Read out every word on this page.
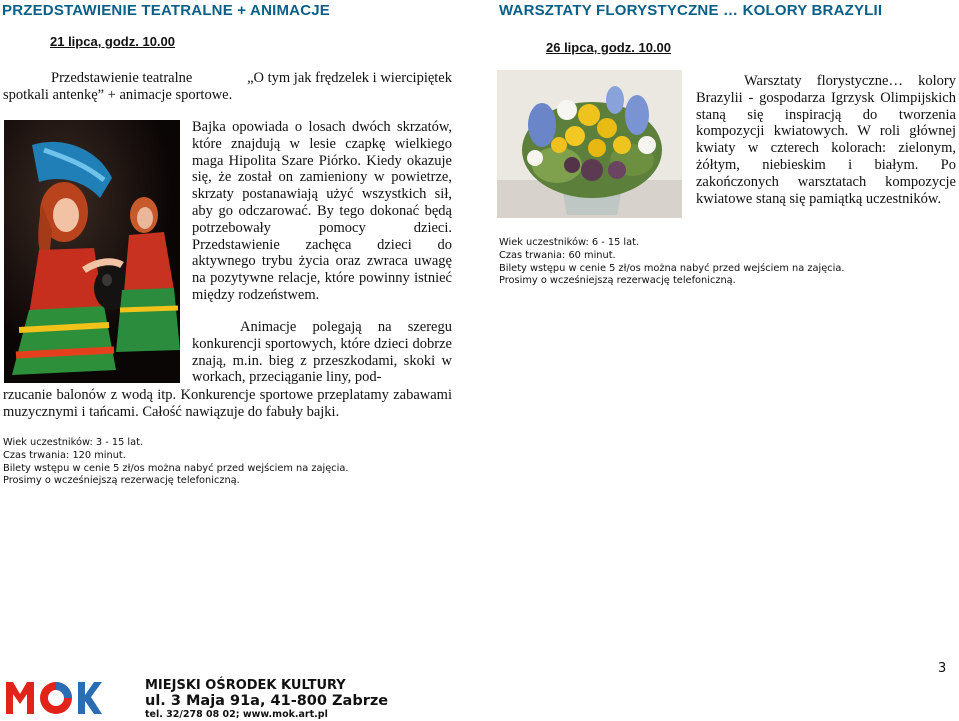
PRZEDSTAWIENIE TEATRALNE + ANIMACJE
21 lipca, godz. 10.00
Przedstawienie teatralne	„O tym jak frędzelek i wiercipiętek
spotkali antenkę” + animacje sportowe.
Bajka opowiada o losach dwóch skrzatów, które znajdują w lesie czapkę wielkiego maga Hipolita Szare Piórko. Kiedy okazuje się, że został on zamieniony w powietrze, skrzaty postanawiają użyć wszystkich sił, aby go odczarować. By tego dokonać będą potrzebowały pomocy dzieci. Przedstawienie zachęca dzieci do aktywnego trybu życia oraz zwraca uwagę na pozytywne relacje, które powinny istnieć między rodzeństwem.
Animacje polegają na szeregu konkurencji sportowych, które dzieci dobrze znają, m.in. bieg z przeszkodami, skoki w workach, przeciąganie liny, pod-
rzucanie balonów z wodą itp. Konkurencje sportowe przeplatamy zabawami muzycznymi i tańcami. Całość nawiązuje do fabuły bajki.
Wiek uczestników: 3 - 15 lat.
Czas trwania: 120 minut.
Bilety wstępu w cenie 5 zł/os można nabyć przed wejściem na zajęcia.
Prosimy o wcześniejszą rezerwację telefoniczną.
WARSZTATY FLORYSTYCZNE … KOLORY BRAZYLII
26 lipca, godz. 10.00
Warsztaty florystyczne… kolory Brazylii - gospodarza Igrzysk Olimpijskich staną się inspiracją do tworzenia kompozycji kwiatowych. W roli głównej kwiaty w czterech kolorach: zielonym, żółtym, niebieskim i białym. Po zakończonych warsztatach kompozycje kwiatowe staną się pamiątką uczestników.
Wiek uczestników: 6 - 15 lat.
Czas trwania: 60 minut.
Bilety wstępu w cenie 5 zł/os można nabyć przed wejściem na zajęcia.
Prosimy o wcześniejszą rezerwację telefoniczną.
MIEJSKI OŚRODEK KULTURY
ul. 3 Maja 91a, 41-800 Zabrze
tel. 32/278 08 02; www.mok.art.pl
3
